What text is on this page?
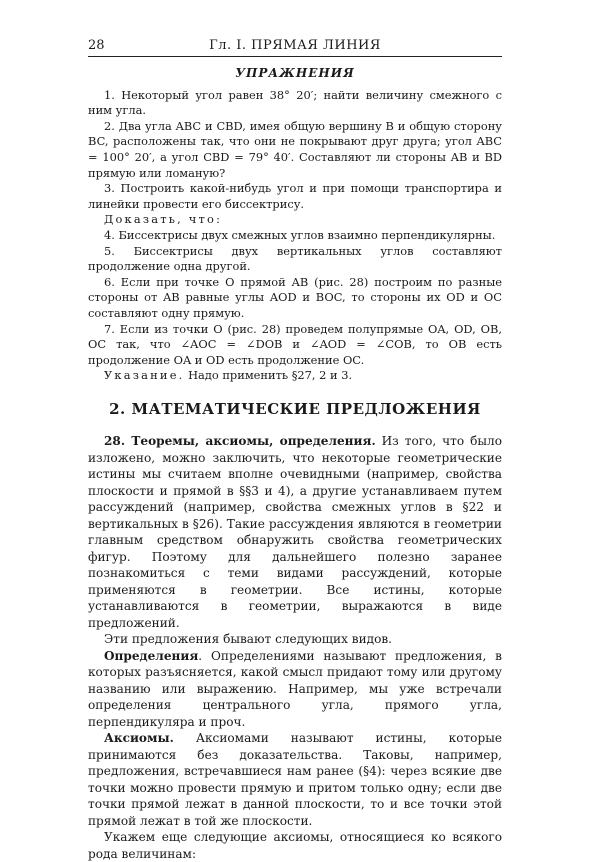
28	Гл. I. ПРЯМАЯ ЛИНИЯ
УПРАЖНЕНИЯ

1. Некоторый угол равен 38° 20′; найти величину смежного с ним угла.

2. Два угла ABC и CBD, имея общую вершину B и общую сторону BC, расположены так, что они не покрывают друг друга; угол ABC = 100° 20′, а угол CBD = 79° 40′. Составляют ли стороны AB и BD прямую или ломаную?

3. Построить какой-нибудь угол и при помощи транспортира и линейки провести его биссектрису.

Доказать, что:

4. Биссектрисы двух смежных углов взаимно перпендикулярны.

5. Биссектрисы двух вертикальных углов составляют продолжение одна другой.

6. Если при точке O прямой AB (рис. 28) построим по разные стороны от AB равные углы AOD и BOC, то стороны их OD и OC составляют одну прямую.

7. Если из точки O (рис. 28) проведем полупрямые OA, OD, OB, OC так, что ∠AOC = ∠DOB и ∠AOD = ∠COB, то OB есть продолжение OA и OD есть продолжение OC.

Указание. Надо применить §27, 2 и 3.

2. МАТЕМАТИЧЕСКИЕ ПРЕДЛОЖЕНИЯ

28. Теоремы, аксиомы, определения. Из того, что было изложено, можно заключить, что некоторые геометрические истины мы считаем вполне очевидными (например, свойства плоскости и прямой в §§3 и 4), а другие устанавливаем путем рассуждений (например, свойства смежных углов в §22 и вертикальных в §26). Такие рассуждения являются в геометрии главным средством обнаружить свойства геометрических фигур. Поэтому для дальнейшего полезно заранее познакомиться с теми видами рассуждений, которые применяются в геометрии. Все истины, которые устанавливаются в геометрии, выражаются в виде предложений.

Эти предложения бывают следующих видов.

Определения. Определениями называют предложения, в которых разъясняется, какой смысл придают тому или другому названию или выражению. Например, мы уже встречали определения центрального угла, прямого угла, перпендикуляра и проч.

Аксиомы. Аксиомами называют истины, которые принимаются без доказательства. Таковы, например, предложения, встречавшиеся нам ранее (§4): через всякие две точки можно провести прямую и притом только одну; если две точки прямой лежат в данной плоскости, то и все точки этой прямой лежат в той же плоскости.

Укажем еще следующие аксиомы, относящиеся ко всякого рода величинам:
